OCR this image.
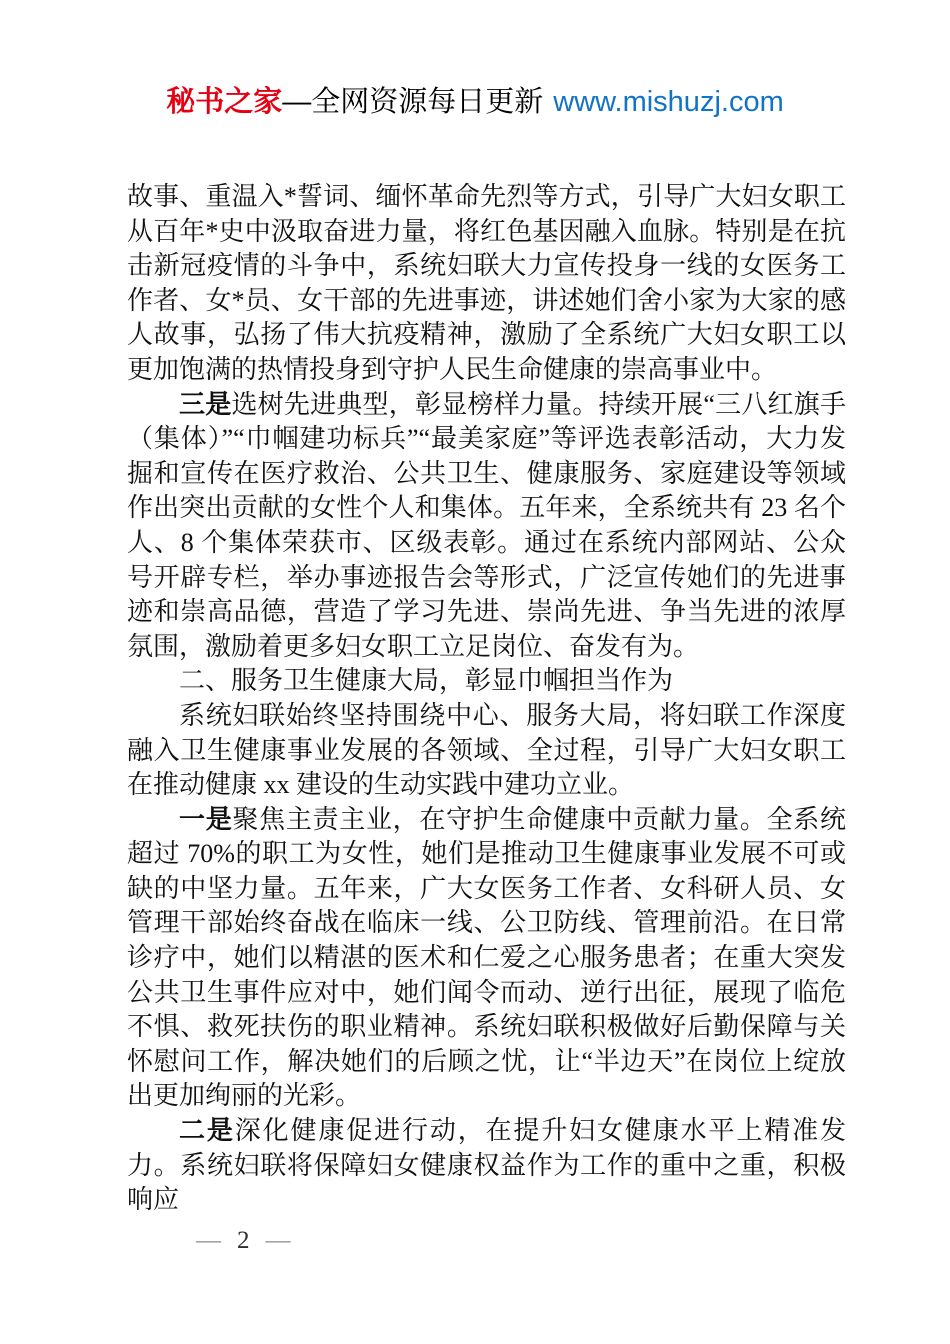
秘书之家—全网资源每日更新 www.mishuzj.com

故事、重温入*誓词、缅怀革命先烈等方式，引导广大妇女职工从百年*史中汲取奋进力量，将红色基因融入血脉。特别是在抗击新冠疫情的斗争中，系统妇联大力宣传投身一线的女医务工作者、女*员、女干部的先进事迹，讲述她们舍小家为大家的感人故事，弘扬了伟大抗疫精神，激励了全系统广大妇女职工以更加饱满的热情投身到守护人民生命健康的崇高事业中。

三是选树先进典型，彰显榜样力量。持续开展“三八红旗手（集体）”“巾帼建功标兵”“最美家庭”等评选表彰活动，大力发掘和宣传在医疗救治、公共卫生、健康服务、家庭建设等领域作出突出贡献的女性个人和集体。五年来，全系统共有 23 名个人、8 个集体荣获市、区级表彰。通过在系统内部网站、公众号开辟专栏，举办事迹报告会等形式，广泛宣传她们的先进事迹和崇高品德，营造了学习先进、崇尚先进、争当先进的浓厚氛围，激励着更多妇女职工立足岗位、奋发有为。

二、服务卫生健康大局，彰显巾帼担当作为

系统妇联始终坚持围绕中心、服务大局，将妇联工作深度融入卫生健康事业发展的各领域、全过程，引导广大妇女职工在推动健康 xx 建设的生动实践中建功立业。

一是聚焦主责主业，在守护生命健康中贡献力量。全系统超过 70%的职工为女性，她们是推动卫生健康事业发展不可或缺的中坚力量。五年来，广大女医务工作者、女科研人员、女管理干部始终奋战在临床一线、公卫防线、管理前沿。在日常诊疗中，她们以精湛的医术和仁爱之心服务患者；在重大突发公共卫生事件应对中，她们闻令而动、逆行出征，展现了临危不惧、救死扶伤的职业精神。系统妇联积极做好后勤保障与关怀慰问工作，解决她们的后顾之忧，让“半边天”在岗位上绽放出更加绚丽的光彩。

二是深化健康促进行动，在提升妇女健康水平上精准发力。系统妇联将保障妇女健康权益作为工作的重中之重，积极响应

— 2 —
